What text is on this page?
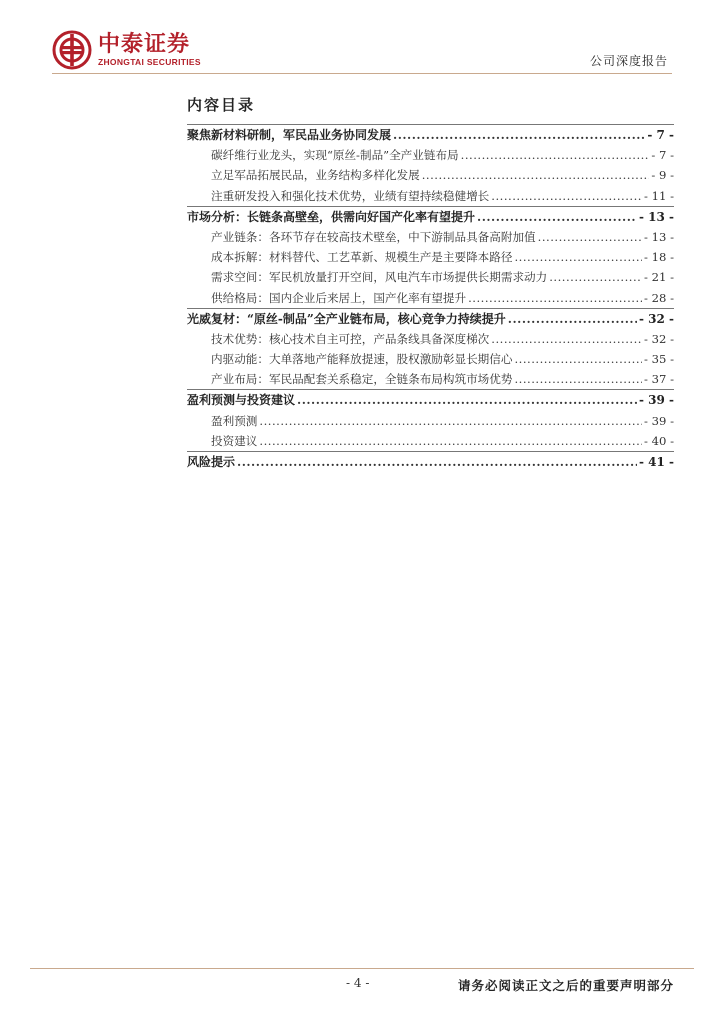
中泰证券
ZHONGTAI SECURITIES	公司深度报告
内容目录
聚焦新材料研制，军民品业务协同发展 .....	- 7 -
碳纤维行业龙头，实现“原丝-制品”全产业链布局 .....	- 7 -
立足军品拓展民品，业务结构多样化发展 .....	- 9 -
注重研发投入和强化技术优势，业绩有望持续稳健增长 .....	- 11 -
市场分析：长链条高壁垒，供需向好国产化率有望提升 .....	- 13 -
产业链条：各环节存在较高技术壁垒，中下游制品具备高附加值 .....	- 13 -
成本拆解：材料替代、工艺革新、规模生产是主要降本路径 .....	- 18 -
需求空间：军民机放量打开空间，风电汽车市场提供长期需求动力 .....	- 21 -
供给格局：国内企业后来居上，国产化率有望提升 .....	- 28 -
光威复材：“原丝-制品”全产业链布局，核心竞争力持续提升 .....	- 32 -
技术优势：核心技术自主可控，产品条线具备深度梯次 .....	- 32 -
内驱动能：大单落地产能释放提速，股权激励彰显长期信心 .....	- 35 -
产业布局：军民品配套关系稳定，全链条布局构筑市场优势 .....	- 37 -
盈利预测与投资建议 .....	- 39 -
盈利预测 .....	- 39 -
投资建议 .....	- 40 -
风险提示 .....	- 41 -
- 4 -	请务必阅读正文之后的重要声明部分
